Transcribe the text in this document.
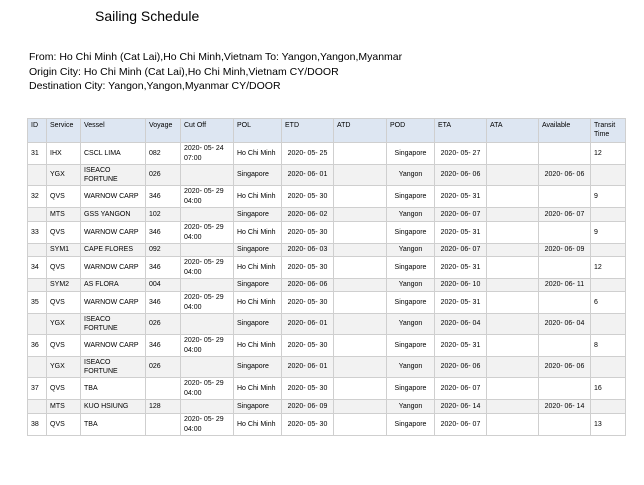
Sailing Schedule
From: Ho Chi Minh (Cat Lai),Ho Chi Minh,Vietnam To: Yangon,Yangon,Myanmar
Origin City: Ho Chi Minh (Cat Lai),Ho Chi Minh,Vietnam CY/DOOR
Destination City: Yangon,Yangon,Myanmar CY/DOOR
ID	Service	Vessel	Voyage	Cut Off	POL	ETD	ATD	POD	ETA	ATA	Available	Transit Time
31	IHX	CSCL LIMA	082	2020- 05- 24 07:00	Ho Chi Minh	2020- 05- 25		Singapore	2020- 05- 27			12
	YGX	ISEACO FORTUNE	026		Singapore	2020- 06- 01		Yangon	2020- 06- 06		2020- 06- 06	
32	QVS	WARNOW CARP	346	2020- 05- 29 04:00	Ho Chi Minh	2020- 05- 30		Singapore	2020- 05- 31			9
	MTS	GSS YANGON	102		Singapore	2020- 06- 02		Yangon	2020- 06- 07		2020- 06- 07	
33	QVS	WARNOW CARP	346	2020- 05- 29 04:00	Ho Chi Minh	2020- 05- 30		Singapore	2020- 05- 31			9
	SYM1	CAPE FLORES	092		Singapore	2020- 06- 03		Yangon	2020- 06- 07		2020- 06- 09	
34	QVS	WARNOW CARP	346	2020- 05- 29 04:00	Ho Chi Minh	2020- 05- 30		Singapore	2020- 05- 31			12
	SYM2	AS FLORA	004		Singapore	2020- 06- 06		Yangon	2020- 06- 10		2020- 06- 11	
35	QVS	WARNOW CARP	346	2020- 05- 29 04:00	Ho Chi Minh	2020- 05- 30		Singapore	2020- 05- 31			6
	YGX	ISEACO FORTUNE	026		Singapore	2020- 06- 01		Yangon	2020- 06- 04		2020- 06- 04	
36	QVS	WARNOW CARP	346	2020- 05- 29 04:00	Ho Chi Minh	2020- 05- 30		Singapore	2020- 05- 31			8
	YGX	ISEACO FORTUNE	026		Singapore	2020- 06- 01		Yangon	2020- 06- 06		2020- 06- 06	
37	QVS	TBA		2020- 05- 29 04:00	Ho Chi Minh	2020- 05- 30		Singapore	2020- 06- 07			16
	MTS	KUO HSIUNG	128		Singapore	2020- 06- 09		Yangon	2020- 06- 14		2020- 06- 14	
38	QVS	TBA		2020- 05- 29 04:00	Ho Chi Minh	2020- 05- 30		Singapore	2020- 06- 07			13
